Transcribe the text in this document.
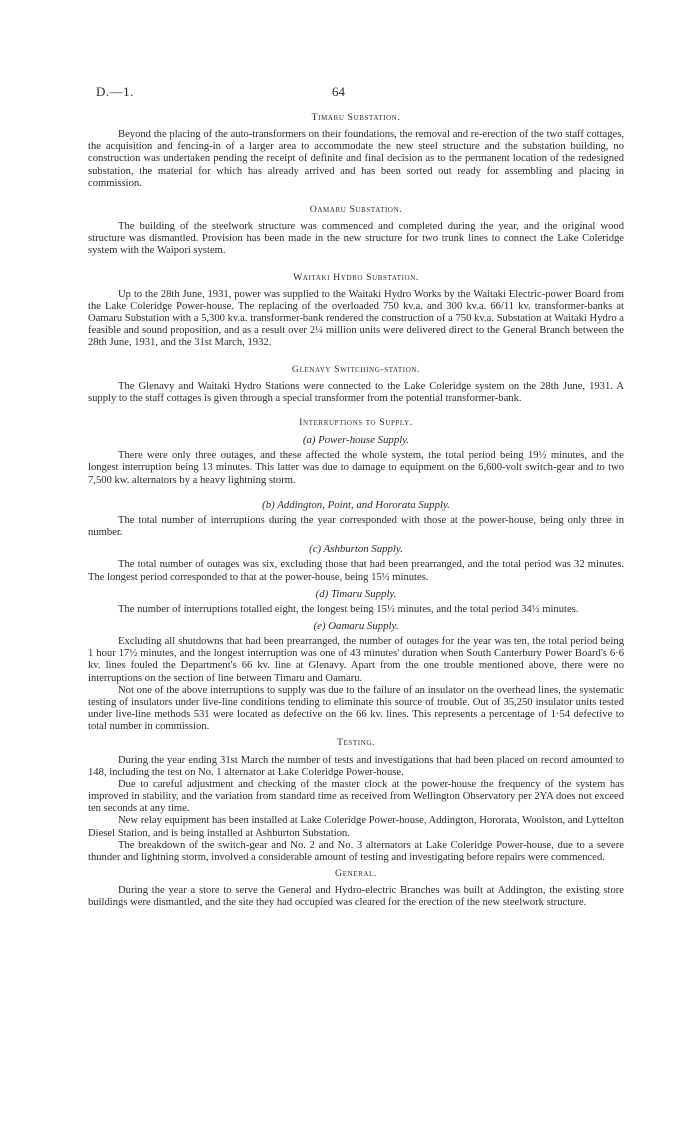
D.—1.	64
Timaru Substation.

Beyond the placing of the auto-transformers on their foundations, the removal and re-erection of the two staff cottages, the acquisition and fencing-in of a larger area to accommodate the new steel structure and the substation building, no construction was undertaken pending the receipt of definite and final decision as to the permanent location of the redesigned substation, the material for which has already arrived and has been sorted out ready for assembling and placing in commission.

Oamaru Substation.

The building of the steelwork structure was commenced and completed during the year, and the original wood structure was dismantled. Provision has been made in the new structure for two trunk lines to connect the Lake Coleridge system with the Waipori system.

Waitaki Hydro Substation.

Up to the 28th June, 1931, power was supplied to the Waitaki Hydro Works by the Waitaki Electric-power Board from the Lake Coleridge Power-house. The replacing of the overloaded 750 kv.a. and 300 kv.a. 66/11 kv. transformer-banks at Oamaru Substation with a 5,300 kv.a. transformer-bank rendered the construction of a 750 kv.a. Substation at Waitaki Hydro a feasible and sound proposition, and as a result over 2¼ million units were delivered direct to the General Branch between the 28th June, 1931, and the 31st March, 1932.

Glenavy Switching-station.

The Glenavy and Waitaki Hydro Stations were connected to the Lake Coleridge system on the 28th June, 1931. A supply to the staff cottages is given through a special transformer from the potential transformer-bank.

Interruptions to Supply.
(a) Power-house Supply.

There were only three outages, and these affected the whole system, the total period being 19½ minutes, and the longest interruption being 13 minutes. This latter was due to damage to equipment on the 6,600-volt switch-gear and to two 7,500 kw. alternators by a heavy lightning storm.

(b) Addington, Point, and Hororata Supply.

The total number of interruptions during the year corresponded with those at the power-house, being only three in number.

(c) Ashburton Supply.

The total number of outages was six, excluding those that had been prearranged, and the total period was 32 minutes. The longest period corresponded to that at the power-house, being 15½ minutes.

(d) Timaru Supply.

The number of interruptions totalled eight, the longest being 15½ minutes, and the total period 34½ minutes.

(e) Oamaru Supply.

Excluding all shutdowns that had been prearranged, the number of outages for the year was ten, the total period being 1 hour 17½ minutes, and the longest interruption was one of 43 minutes' duration when South Canterbury Power Board's 6·6 kv. lines fouled the Department's 66 kv. line at Glenavy. Apart from the one trouble mentioned above, there were no interruptions on the section of line between Timaru and Oamaru.

Not one of the above interruptions to supply was due to the failure of an insulator on the overhead lines, the systematic testing of insulators under live-line conditions tending to eliminate this source of trouble. Out of 35,250 insulator units tested under live-line methods 531 were located as defective on the 66 kv. lines. This represents a percentage of 1·54 defective to total number in commission.

Testing.

During the year ending 31st March the number of tests and investigations that had been placed on record amounted to 148, including the test on No. 1 alternator at Lake Coleridge Power-house.

Due to careful adjustment and checking of the master clock at the power-house the frequency of the system has improved in stability, and the variation from standard time as received from Wellington Observatory per 2YA does not exceed ten seconds at any time.

New relay equipment has been installed at Lake Coleridge Power-house, Addington, Hororata, Woolston, and Lyttelton Diesel Station, and is being installed at Ashburton Substation.

The breakdown of the switch-gear and No. 2 and No. 3 alternators at Lake Coleridge Power-house, due to a severe thunder and lightning storm, involved a considerable amount of testing and investigating before repairs were commenced.

General.

During the year a store to serve the General and Hydro-electric Branches was built at Addington, the existing store buildings were dismantled, and the site they had occupied was cleared for the erection of the new steelwork structure.
